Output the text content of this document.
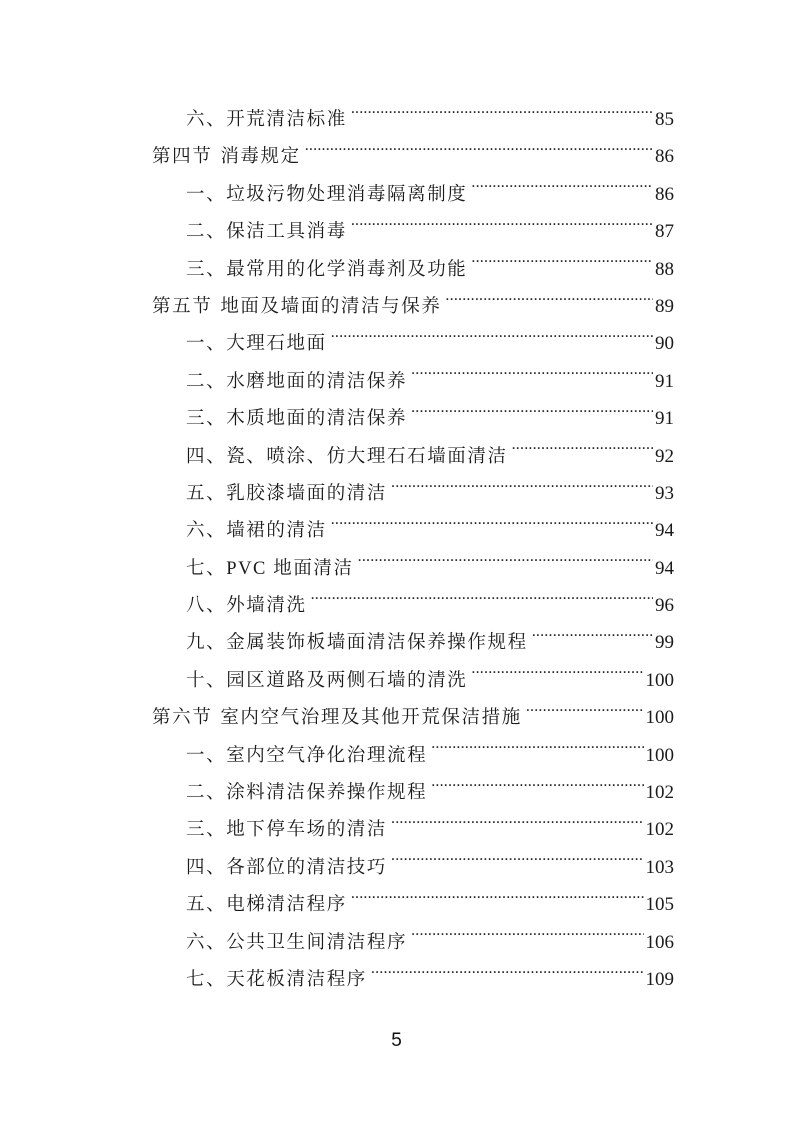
六、开荒清洁标准 .....	85
第四节 消毒规定 .....	86
一、垃圾污物处理消毒隔离制度 .....	86
二、保洁工具消毒 .....	87
三、最常用的化学消毒剂及功能 .....	88
第五节 地面及墙面的清洁与保养 .....	89
一、大理石地面 .....	90
二、水磨地面的清洁保养 .....	91
三、木质地面的清洁保养 .....	91
四、瓷、喷涂、仿大理石石墙面清洁 .....	92
五、乳胶漆墙面的清洁 .....	93
六、墙裙的清洁 .....	94
七、PVC 地面清洁 .....	94
八、外墙清洗 .....	96
九、金属装饰板墙面清洁保养操作规程 .....	99
十、园区道路及两侧石墙的清洗 .....	100
第六节 室内空气治理及其他开荒保洁措施 .....	100
一、室内空气净化治理流程 .....	100
二、涂料清洁保养操作规程 .....	102
三、地下停车场的清洁 .....	102
四、各部位的清洁技巧 .....	103
五、电梯清洁程序 .....	105
六、公共卫生间清洁程序 .....	106
七、天花板清洁程序 .....	109
5
